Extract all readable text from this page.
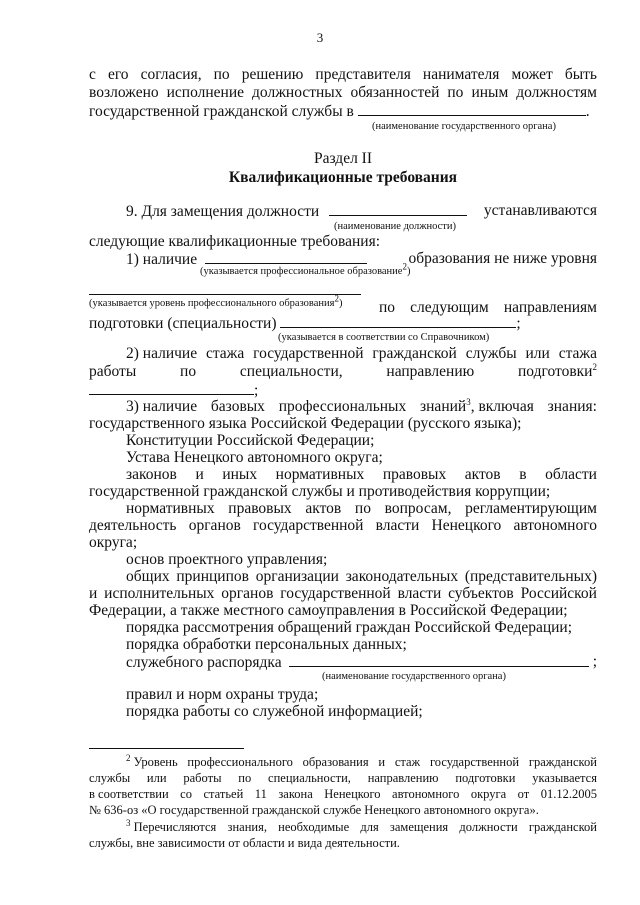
3
с его согласия, по решению представителя нанимателя может быть
возложено исполнение должностных обязанностей по иным должностям
государственной гражданской службы в	.
(наименование государственного органа)
Раздел II
Квалификационные требования
9. Для замещения должности	устанавливаются
(наименование должности)
следующие квалификационные требования:
1) наличие	образования не ниже уровня
(указывается профессиональное образование$^2$)
по следующим направлениям
(указывается уровень профессионального образования$^2$)
подготовки (специальности)	;
(указывается в соответствии со Справочником)
2) наличие стажа государственной гражданской службы или стажа
работы	по	специальности,	направлению	подготовки$^2$
;
3) наличие базовых профессиональных знаний$^3$, включая знания:
государственного языка Российской Федерации (русского языка);
Конституции Российской Федерации;
Устава Ненецкого автономного округа;
законов и иных нормативных правовых актов в области
государственной гражданской службы и противодействия коррупции;
нормативных правовых актов по вопросам, регламентирующим
деятельность органов государственной власти Ненецкого автономного
округа;
основ проектного управления;
общих принципов организации законодательных (представительных)
и исполнительных органов государственной власти субъектов Российской
Федерации, а также местного самоуправления в Российской Федерации;
порядка рассмотрения обращений граждан Российской Федерации;
порядка обработки персональных данных;
служебного распорядка	;
(наименование государственного органа)
правил и норм охраны труда;
порядка работы со служебной информацией;
$^2$ Уровень профессионального образования и стаж государственной гражданской
службы или работы по специальности, направлению подготовки указывается
в соответствии со статьей 11 закона Ненецкого автономного округа от 01.12.2005
№ 636-оз «О государственной гражданской службе Ненецкого автономного округа».
$^3$ Перечисляются знания, необходимые для замещения должности гражданской
службы, вне зависимости от области и вида деятельности.
